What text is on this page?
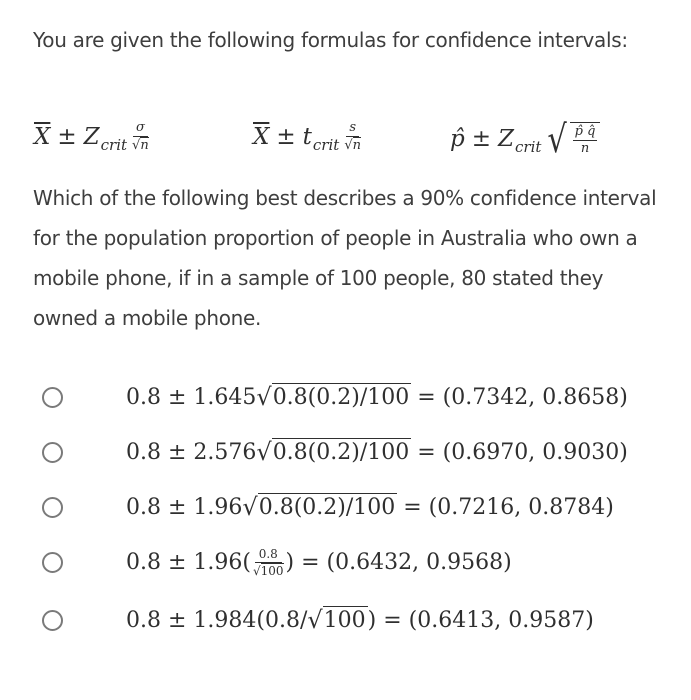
You are given the following formulas for confidence intervals:
$\overline{X} \pm Z$ crit $\frac{\sigma}{√n}$	$\overline{X} \pm t$ crit $\frac{s}{√n}$	p̂ ± Z crit √ $\frac{p̂ q̂}{n}$
Which of the following best describes a 90% confidence interval for the population proportion of people in Australia who own a mobile phone, if in a sample of 100 people, 80 stated they owned a mobile phone.
0.8 ± 1.645 √ 0.8(0.2)/100 = (0.7342, 0.8658)
0.8 ± 2.576 √ 0.8(0.2)/100 = (0.6970, 0.9030)
0.8 ± 1.96 √ 0.8(0.2)/100 = (0.7216, 0.8784)
$0.8 \pm 1.96( \frac{0.8}{√100}$ ) = (0.6432, 0.9568)
0.8 ± 1.984(0.8/ √ 100 ) = (0.6413, 0.9587)
